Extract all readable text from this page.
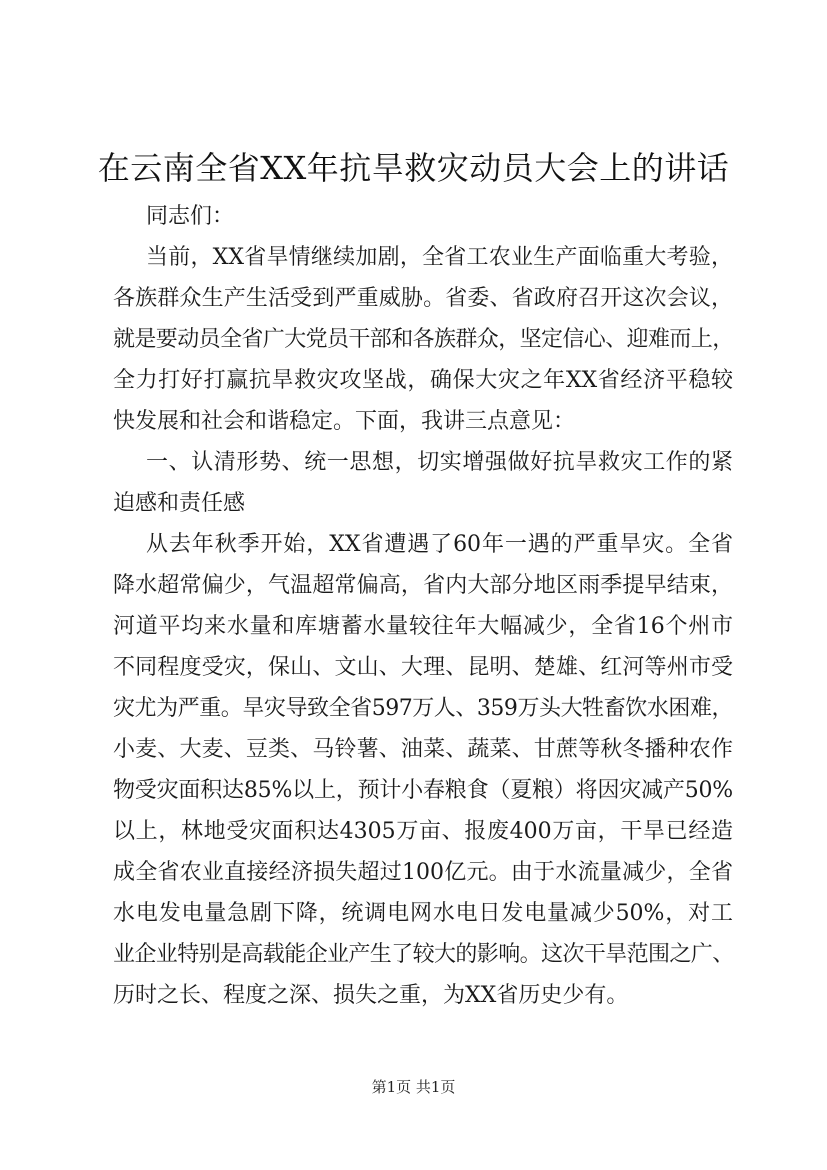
在云南全省XX年抗旱救灾动员大会上的讲话
同志们：
当前，XX省旱情继续加剧，全省工农业生产面临重大考验，
各族群众生产生活受到严重威胁。省委、省政府召开这次会议，
就是要动员全省广大党员干部和各族群众，坚定信心、迎难而上，
全力打好打赢抗旱救灾攻坚战，确保大灾之年XX省经济平稳较
快发展和社会和谐稳定。下面，我讲三点意见：
一、认清形势、统一思想，切实增强做好抗旱救灾工作的紧
迫感和责任感
从去年秋季开始，XX省遭遇了60年一遇的严重旱灾。全省
降水超常偏少，气温超常偏高，省内大部分地区雨季提早结束，
河道平均来水量和库塘蓄水量较往年大幅减少，全省16个州市
不同程度受灾，保山、文山、大理、昆明、楚雄、红河等州市受
灾尤为严重。旱灾导致全省597万人、359万头大牲畜饮水困难，
小麦、大麦、豆类、马铃薯、油菜、蔬菜、甘蔗等秋冬播种农作
物受灾面积达85%以上，预计小春粮食（夏粮）将因灾减产50%
以上，林地受灾面积达4305万亩、报废400万亩，干旱已经造
成全省农业直接经济损失超过100亿元。由于水流量减少，全省
水电发电量急剧下降，统调电网水电日发电量减少50%，对工
业企业特别是高载能企业产生了较大的影响。这次干旱范围之广、
历时之长、程度之深、损失之重，为XX省历史少有。
第1页 共1页
